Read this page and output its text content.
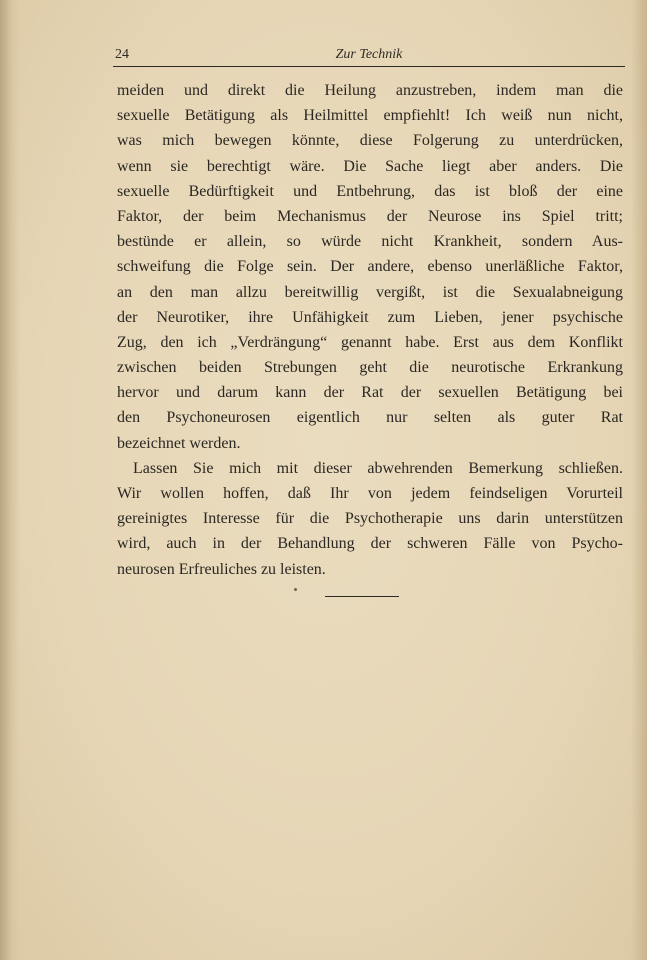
24	Zur Technik
meiden und direkt die Heilung anzustreben, indem man die
sexuelle Betätigung als Heilmittel empfiehlt! Ich weiß nun nicht,
was mich bewegen könnte, diese Folgerung zu unterdrücken,
wenn sie berechtigt wäre. Die Sache liegt aber anders. Die
sexuelle Bedürftigkeit und Entbehrung, das ist bloß der eine
Faktor, der beim Mechanismus der Neurose ins Spiel tritt;
bestünde er allein, so würde nicht Krankheit, sondern Aus-
schweifung die Folge sein. Der andere, ebenso unerläßliche Faktor,
an den man allzu bereitwillig vergißt, ist die Sexualabneigung
der Neurotiker, ihre Unfähigkeit zum Lieben, jener psychische
Zug, den ich „Verdrängung“ genannt habe. Erst aus dem Konflikt
zwischen beiden Strebungen geht die neurotische Erkrankung
hervor und darum kann der Rat der sexuellen Betätigung bei
den Psychoneurosen eigentlich nur selten als guter Rat
bezeichnet werden.
Lassen Sie mich mit dieser abwehrenden Bemerkung schließen.
Wir wollen hoffen, daß Ihr von jedem feindseligen Vorurteil
gereinigtes Interesse für die Psychotherapie uns darin unterstützen
wird, auch in der Behandlung der schweren Fälle von Psycho-
neurosen Erfreuliches zu leisten.
